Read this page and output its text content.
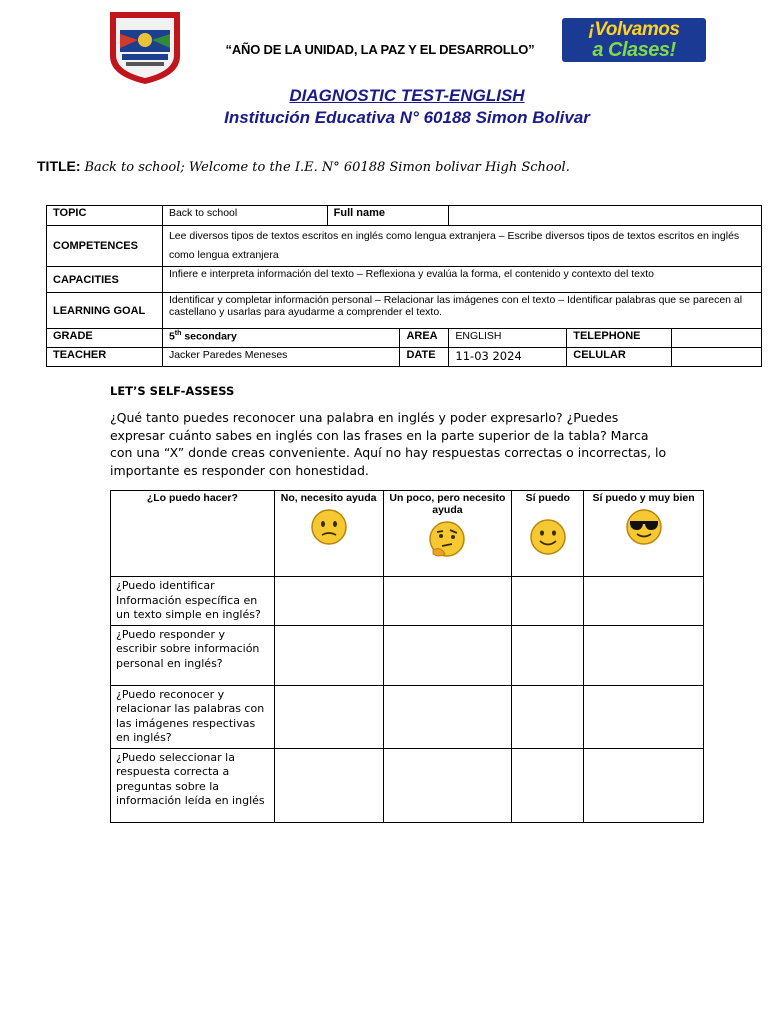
“AÑO DE LA UNIDAD, LA PAZ Y EL DESARROLLO”
¡Volvamos
a Clases!
DIAGNOSTIC TEST-ENGLISH
Institución Educativa N° 60188 Simon Bolivar
TITLE: Back to school; Welcome to the I.E. N° 60188 Simon bolivar High School.
TOPIC	Back to school	Full name				
COMPETENCES	Lee diversos tipos de textos escritos en inglés como lengua extranjera – Escribe diversos tipos de textos escritos en inglés como lengua extranjera					
CAPACITIES	Infiere e interpreta información del texto – Reflexiona y evalúa la forma, el contenido y contexto del texto					
LEARNING GOAL	Identificar y completar información personal – Relacionar las imágenes con el texto – Identificar palabras que se parecen al castellano y usarlas para ayudarme a comprender el texto.					
GRADE	5th secondary		AREA	ENGLISH	TELEPHONE	
TEACHER	Jacker Paredes Meneses		DATE	11-03 2024	CELULAR	
LET’S SELF-ASSESS
¿Qué tanto puedes reconocer una palabra en inglés y poder expresarlo? ¿Puedes expresar cuánto sabes en inglés con las frases en la parte superior de la tabla? Marca con una “X” donde creas conveniente. Aquí no hay respuestas correctas o incorrectas, lo importante es responder con honestidad.
¿Lo puedo hacer?	No, necesito ayuda	Un poco, pero necesito ayuda	Sí puedo	Sí puedo y muy bien

¿Puedo identificar Información específica en un texto simple en inglés?				
¿Puedo responder y escribir sobre información personal en inglés?				
¿Puedo reconocer y relacionar las palabras con las imágenes respectivas en inglés?				
¿Puedo seleccionar la respuesta correcta a preguntas sobre la información leída en inglés				
